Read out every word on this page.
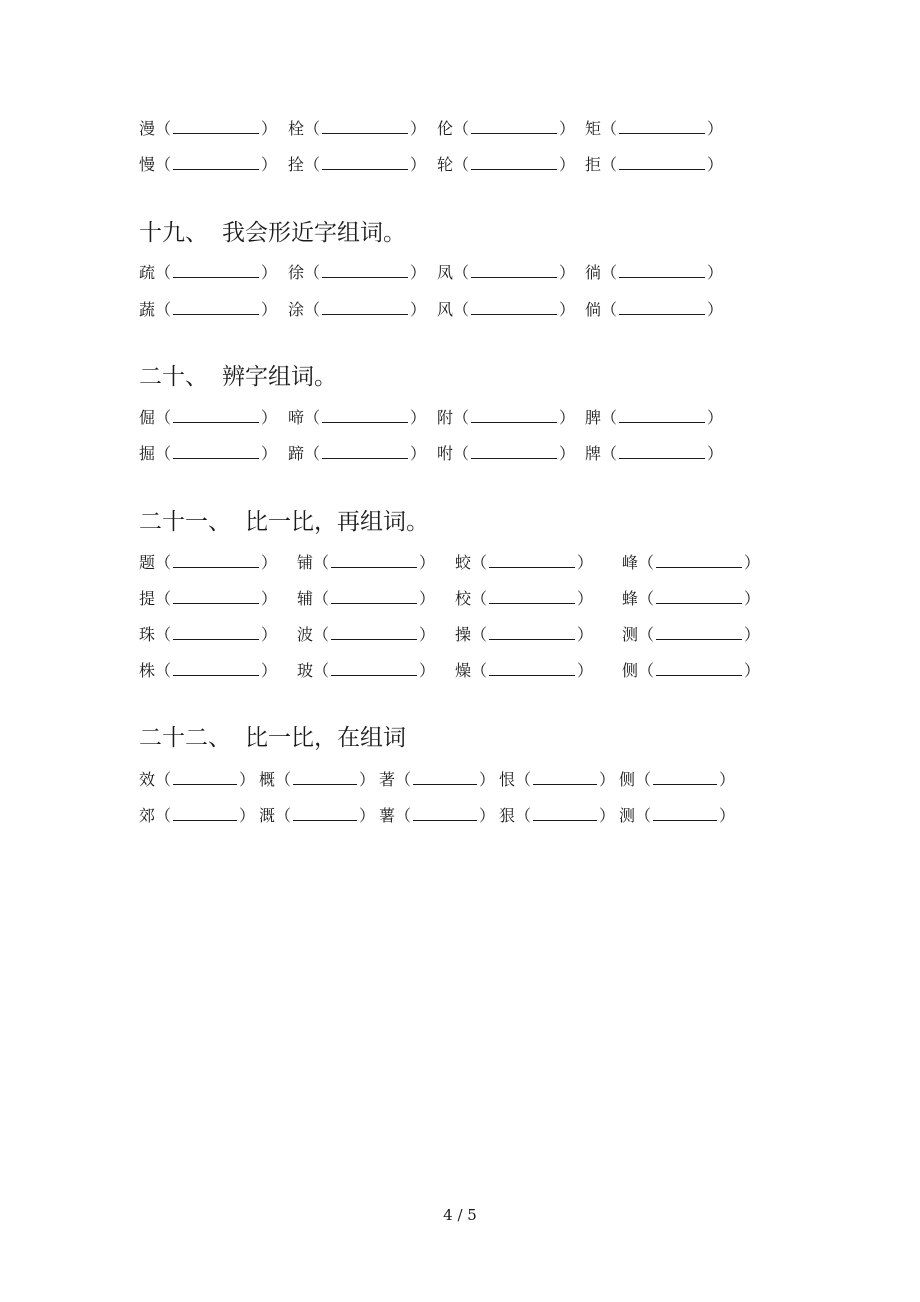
漫（	） 栓（	） 伦（	） 矩（	）
慢（	） 拴（	） 轮（	） 拒（	）
十九、 我会形近字组词。
疏（	） 徐（	） 凤（	） 徜（	）
蔬（	） 涂（	） 风（	） 倘（	）
二十、 辨字组词。
倔（	） 啼（	） 附（	） 脾（	）
掘（	） 蹄（	） 咐（	） 牌（	）
二十一、 比一比，再组词。
题（	） 铺（	） 蛟（	） 峰（	）
提（	） 辅（	） 校（	） 蜂（	）
珠（	） 波（	） 操（	） 测（	）
株（	） 玻（	） 燥（	） 侧（	）
二十二、 比一比，在组词
效（	） 概（	） 著（	） 恨（	） 侧（	）
郊（	） 溉（	） 薯（	） 狠（	） 测（	）
4 / 5
